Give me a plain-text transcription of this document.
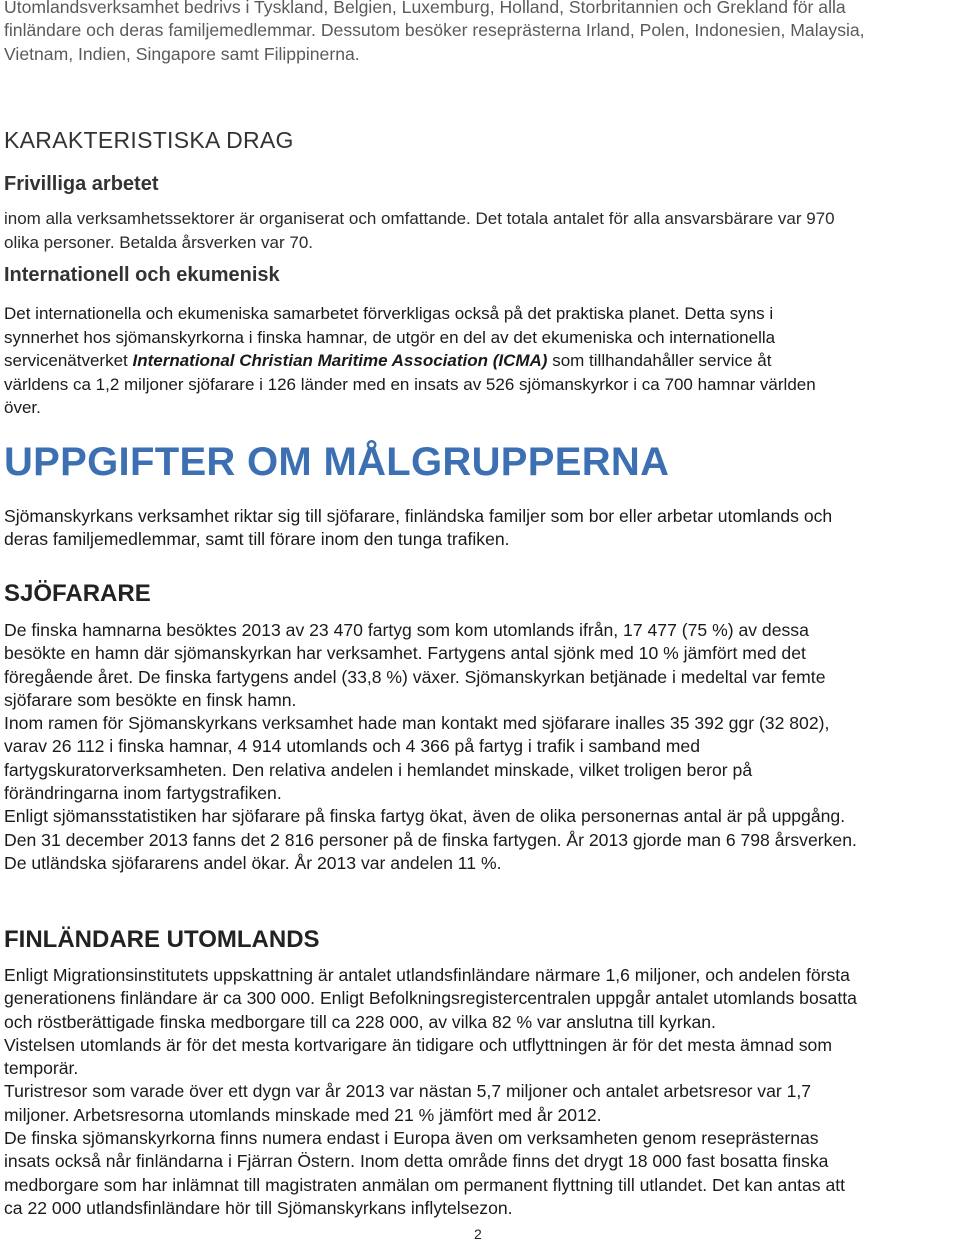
Utomlandsverksamhet bedrivs i Tyskland, Belgien, Luxemburg, Holland, Storbritannien och Grekland för alla

finländare och deras familjemedlemmar. Dessutom besöker reseprästerna Irland, Polen, Indonesien, Malaysia,

Vietnam, Indien, Singapore samt Filippinerna.

KARAKTERISTISKA DRAG
Frivilliga arbetet

inom alla verksamhetssektorer är organiserat och omfattande. Det totala antalet för alla ansvarsbärare var 970

olika personer. Betalda årsverken var 70.

Internationell och ekumenisk

Det internationella och ekumeniska samarbetet förverkligas också på det praktiska planet. Detta syns i

synnerhet hos sjömanskyrkorna i finska hamnar, de utgör en del av det ekumeniska och internationella

servicenätverket International Christian Maritime Association (ICMA) som tillhandahåller service åt

världens ca 1,2 miljoner sjöfarare i 126 länder med en insats av 526 sjömanskyrkor i ca 700 hamnar världen

över.

UPPGIFTER OM MÅLGRUPPERNA

Sjömanskyrkans verksamhet riktar sig till sjöfarare, finländska familjer som bor eller arbetar utomlands och

deras familjemedlemmar, samt till förare inom den tunga trafiken.

SJÖFARARE

De finska hamnarna besöktes 2013 av 23 470 fartyg som kom utomlands ifrån, 17 477 (75 %) av dessa

besökte en hamn där sjömanskyrkan har verksamhet. Fartygens antal sjönk med 10 % jämfört med det

föregående året. De finska fartygens andel (33,8 %) växer. Sjömanskyrkan betjänade i medeltal var femte

sjöfarare som besökte en finsk hamn.

Inom ramen för Sjömanskyrkans verksamhet hade man kontakt med sjöfarare inalles 35 392 ggr (32 802),

varav 26 112 i finska hamnar, 4 914 utomlands och 4 366 på fartyg i trafik i samband med

fartygskuratorverksamheten. Den relativa andelen i hemlandet minskade, vilket troligen beror på

förändringarna inom fartygstrafiken.

Enligt sjömansstatistiken har sjöfarare på finska fartyg ökat, även de olika personernas antal är på uppgång.

Den 31 december 2013 fanns det 2 816 personer på de finska fartygen. År 2013 gjorde man 6 798 årsverken.

De utländska sjöfararens andel ökar. År 2013 var andelen 11 %.

FINLÄNDARE UTOMLANDS

Enligt Migrationsinstitutets uppskattning är antalet utlandsfinländare närmare 1,6 miljoner, och andelen första

generationens finländare är ca 300 000. Enligt Befolkningsregistercentralen uppgår antalet utomlands bosatta

och röstberättigade finska medborgare till ca 228 000, av vilka 82 % var anslutna till kyrkan.

Vistelsen utomlands är för det mesta kortvarigare än tidigare och utflyttningen är för det mesta ämnad som

temporär.

Turistresor som varade över ett dygn var år 2013 var nästan 5,7 miljoner och antalet arbetsresor var 1,7

miljoner. Arbetsresorna utomlands minskade med 21 % jämfört med år 2012.

De finska sjömanskyrkorna finns numera endast i Europa även om verksamheten genom reseprästernas

insats också når finländarna i Fjärran Östern. Inom detta område finns det drygt 18 000 fast bosatta finska

medborgare som har inlämnat till magistraten anmälan om permanent flyttning till utlandet. Det kan antas att

ca 22 000 utlandsfinländare hör till Sjömanskyrkans inflytelsezon.

2
